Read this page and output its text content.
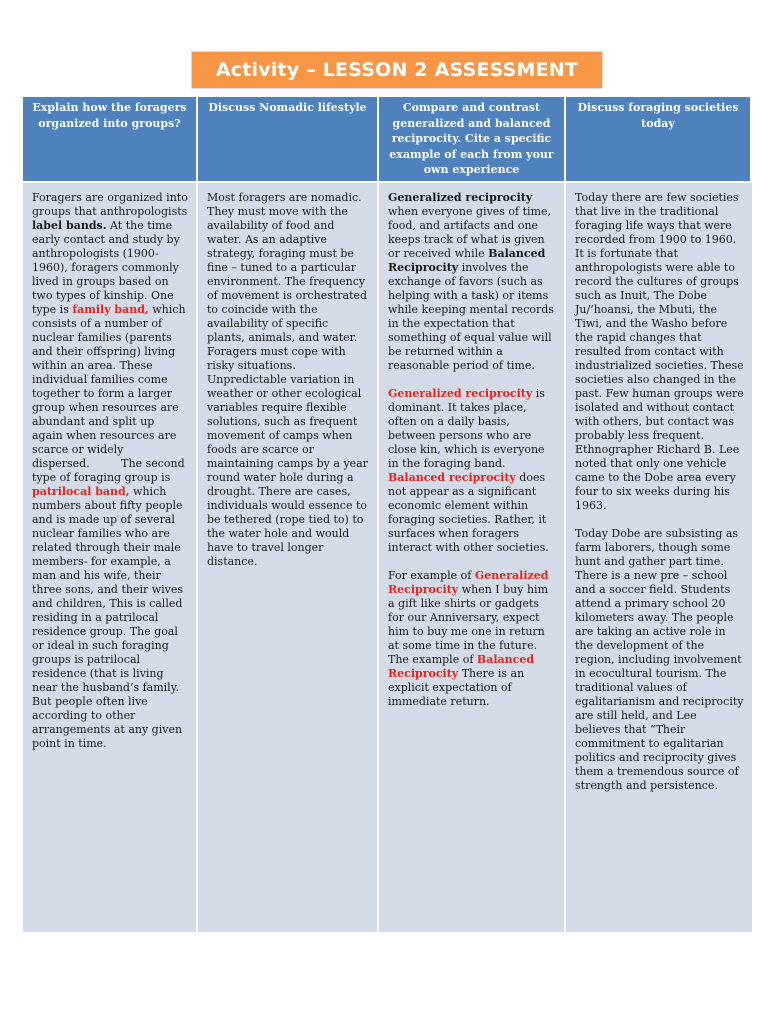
Activity – LESSON 2 ASSESSMENT
Explain how the foragers organized into groups?
Discuss Nomadic lifestyle	Compare and contrast generalized and balanced reciprocity. Cite a specific example of each from your own experience
Discuss foraging societies today

Foragers are organized into groups that anthropologists label bands. At the time early contact and study by anthropologists (1900-1960), foragers commonly lived in groups based on two types of kinship. One type is family band, which consists of a number of nuclear families (parents and their offspring) living within an area. These individual families come together to form a larger group when resources are abundant and split up again when resources are scarce or widely dispersed.         The second type of foraging group is patrilocal band, which numbers about fifty people and is made up of several nuclear families who are related through their male members- for example, a man and his wife, their three sons, and their wives and children, This is called residing in a patrilocal residence group. The goal or ideal in such foraging groups is patrilocal residence (that is living near the husband’s family. But people often live according to other arrangements at any given point in time.

Most foragers are nomadic. They must move with the availability of food and water. As an adaptive strategy, foraging must be fine – tuned to a particular environment. The frequency of movement is orchestrated to coincide with the availability of specific plants, animals, and water. Foragers must cope with risky situations. Unpredictable variation in weather or other ecological variables require flexible solutions, such as frequent movement of camps when foods are scarce or maintaining camps by a year round water hole during a drought. There are cases, individuals would essence to be tethered (rope tied to) to the water hole and would have to travel longer distance.

Generalized reciprocity when everyone gives of time, food, and artifacts and one  keeps track of what is given or received while Balanced Reciprocity involves the exchange of favors (such as helping with a task) or items while keeping mental records in the expectation that something of equal value will be returned within a reasonable period of time.

Generalized reciprocity is dominant. It takes place, often on a daily basis, between persons who are close kin, which is everyone in the foraging band. Balanced reciprocity does not appear as a significant economic element within foraging societies. Rather, it surfaces when foragers interact with other societies.

For example of Generalized Reciprocity when I buy him a gift like shirts or gadgets for our Anniversary, expect him to buy me one in return at some time in the future. The example of Balanced Reciprocity There is an explicit expectation of immediate return.

Today there are few societies that live in the traditional foraging life ways that were recorded from 1900 to 1960. It is fortunate that anthropologists were able to record the cultures of groups such as Inuit, The Dobe Ju/’hoansi, the Mbuti, the Tiwi, and the Washo before the rapid changes that resulted from contact with industrialized societies. These societies also changed in the past. Few human groups were isolated and without contact with others, but contact was probably less frequent. Ethnographer Richard B. Lee noted that only one vehicle came to the Dobe area every four to six weeks during his 1963.

Today Dobe are subsisting as farm laborers, though some hunt and gather part time. There is a new pre – school and a soccer field. Students attend a primary school 20 kilometers away. The people are taking an active role in the development of the region, including involvement in ecocultural tourism. The traditional values of egalitarianism and reciprocity are still held, and Lee believes that “Their commitment to egalitarian politics and reciprocity gives them a tremendous source of strength and persistence.
